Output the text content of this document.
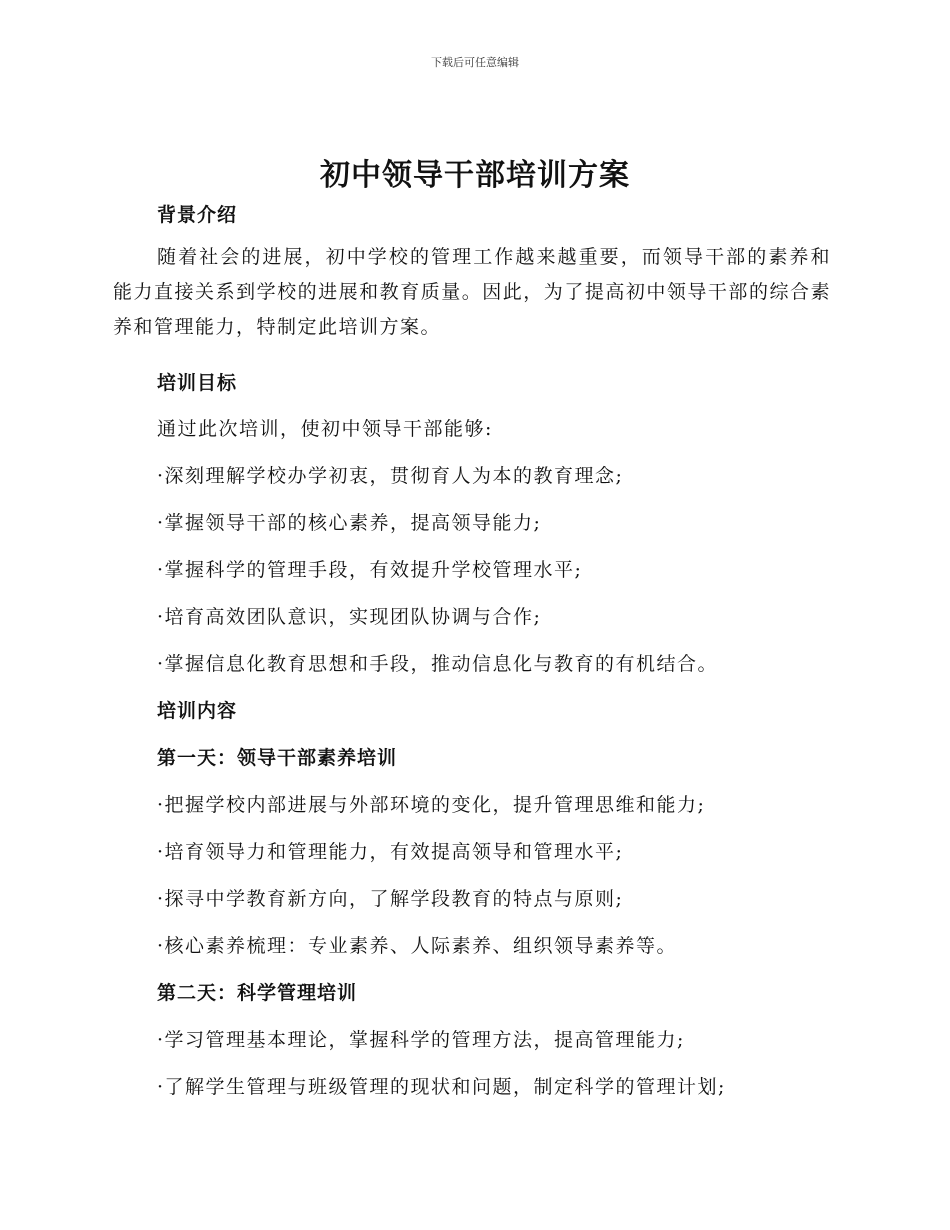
下载后可任意编辑
初中领导干部培训方案
背景介绍

随着社会的进展，初中学校的管理工作越来越重要，而领导干部的素养和能力直接关系到学校的进展和教育质量。因此，为了提高初中领导干部的综合素养和管理能力，特制定此培训方案。

培训目标

通过此次培训，使初中领导干部能够:

·深刻理解学校办学初衷，贯彻育人为本的教育理念;

·掌握领导干部的核心素养，提高领导能力;

·掌握科学的管理手段，有效提升学校管理水平;

·培育高效团队意识，实现团队协调与合作;

·掌握信息化教育思想和手段，推动信息化与教育的有机结合。

培训内容
第一天：领导干部素养培训

·把握学校内部进展与外部环境的变化，提升管理思维和能力;

·培育领导力和管理能力，有效提高领导和管理水平;

·探寻中学教育新方向，了解学段教育的特点与原则;

·核心素养梳理：专业素养、人际素养、组织领导素养等。

第二天：科学管理培训

·学习管理基本理论，掌握科学的管理方法，提高管理能力;

·了解学生管理与班级管理的现状和问题，制定科学的管理计划;
